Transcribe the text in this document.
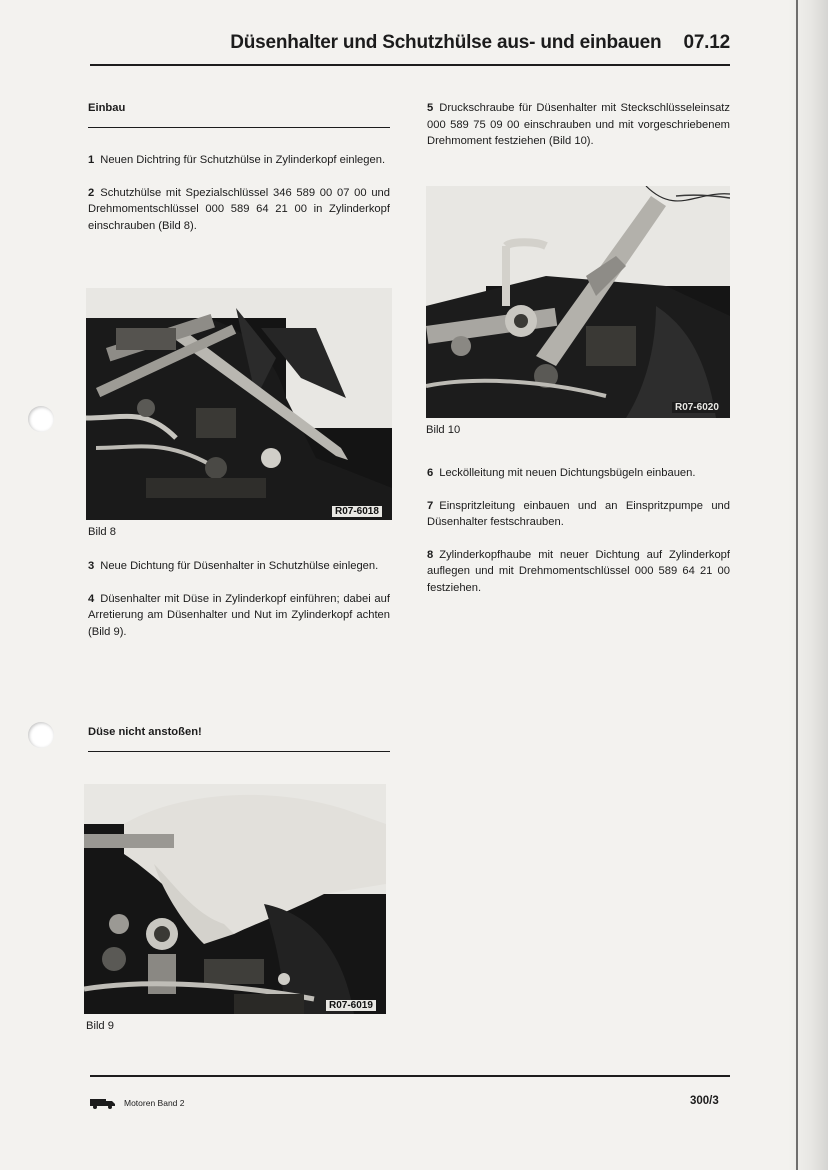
Düsenhalter und Schutzhülse aus- und einbauen 07.12
Einbau
1 Neuen Dichtring für Schutzhülse in Zylinderkopf einlegen.
2 Schutzhülse mit Spezialschlüssel 346 589 00 07 00 und Drehmomentschlüssel 000 589 64 21 00 in Zylinderkopf einschrauben (Bild 8).
R07-6018
Bild 8
3 Neue Dichtung für Düsenhalter in Schutzhülse einlegen.
4 Düsenhalter mit Düse in Zylinderkopf einführen; dabei auf Arretierung am Düsenhalter und Nut im Zylinderkopf achten (Bild 9).
Düse nicht anstoßen!
R07-6019
Bild 9
5 Druckschraube für Düsenhalter mit Steckschlüsseleinsatz 000 589 75 09 00 einschrauben und mit vorgeschriebenem Drehmoment festziehen (Bild 10).
R07-6020
Bild 10
6 Leckölleitung mit neuen Dichtungsbügeln einbauen.
7 Einspritzleitung einbauen und an Einspritzpumpe und Düsenhalter festschrauben.
8 Zylinderkopfhaube mit neuer Dichtung auf Zylinderkopf auflegen und mit Drehmomentschlüssel 000 589 64 21 00 festziehen.
Motoren Band 2	300/3
